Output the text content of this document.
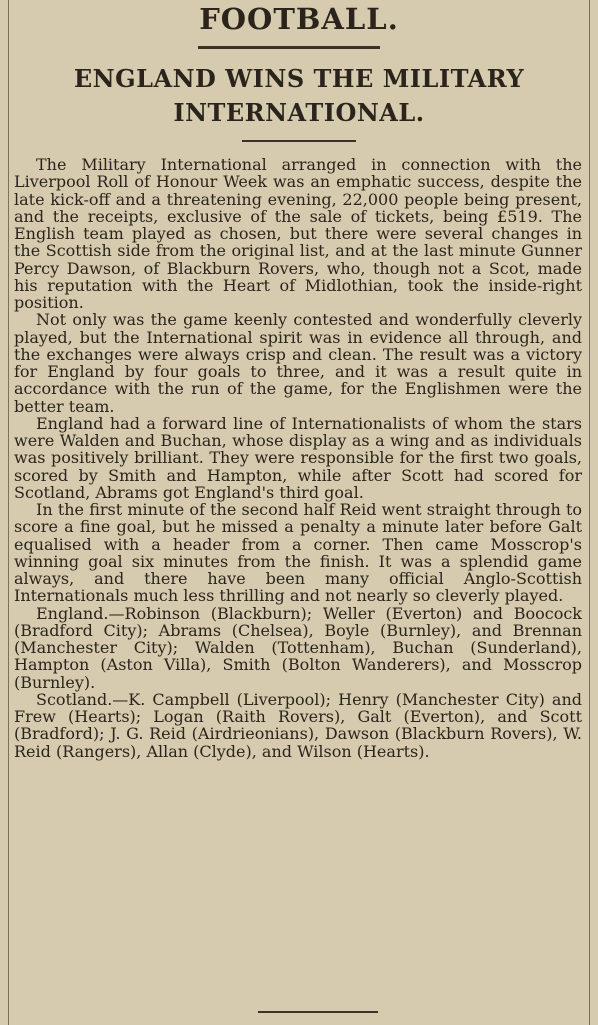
FOOTBALL.
ENGLAND WINS THE MILITARY INTERNATIONAL.

The Military International arranged in connection with the Liverpool Roll of Honour Week was an emphatic success, despite the late kick-off and a threatening evening, 22,000 people being present, and the receipts, exclusive of the sale of tickets, being £519. The English team played as chosen, but there were several changes in the Scottish side from the original list, and at the last minute Gunner Percy Dawson, of Blackburn Rovers, who, though not a Scot, made his reputation with the Heart of Midlothian, took the inside-right position.

Not only was the game keenly contested and wonderfully cleverly played, but the International spirit was in evidence all through, and the exchanges were always crisp and clean. The result was a victory for England by four goals to three, and it was a result quite in accordance with the run of the game, for the Englishmen were the better team.

England had a forward line of Internationalists of whom the stars were Walden and Buchan, whose display as a wing and as individuals was positively brilliant. They were responsible for the first two goals, scored by Smith and Hampton, while after Scott had scored for Scotland, Abrams got England's third goal.

In the first minute of the second half Reid went straight through to score a fine goal, but he missed a penalty a minute later before Galt equalised with a header from a corner. Then came Mosscrop's winning goal six minutes from the finish. It was a splendid game always, and there have been many official Anglo-Scottish Internationals much less thrilling and not nearly so cleverly played.

England.—Robinson (Blackburn); Weller (Everton) and Boocock (Bradford City); Abrams (Chelsea), Boyle (Burnley), and Brennan (Manchester City); Walden (Tottenham), Buchan (Sunderland), Hampton (Aston Villa), Smith (Bolton Wanderers), and Mosscrop (Burnley).

Scotland.—K. Campbell (Liverpool); Henry (Manchester City) and Frew (Hearts); Logan (Raith Rovers), Galt (Everton), and Scott (Bradford); J. G. Reid (Airdrieonians), Dawson (Blackburn Rovers), W. Reid (Rangers), Allan (Clyde), and Wilson (Hearts).
